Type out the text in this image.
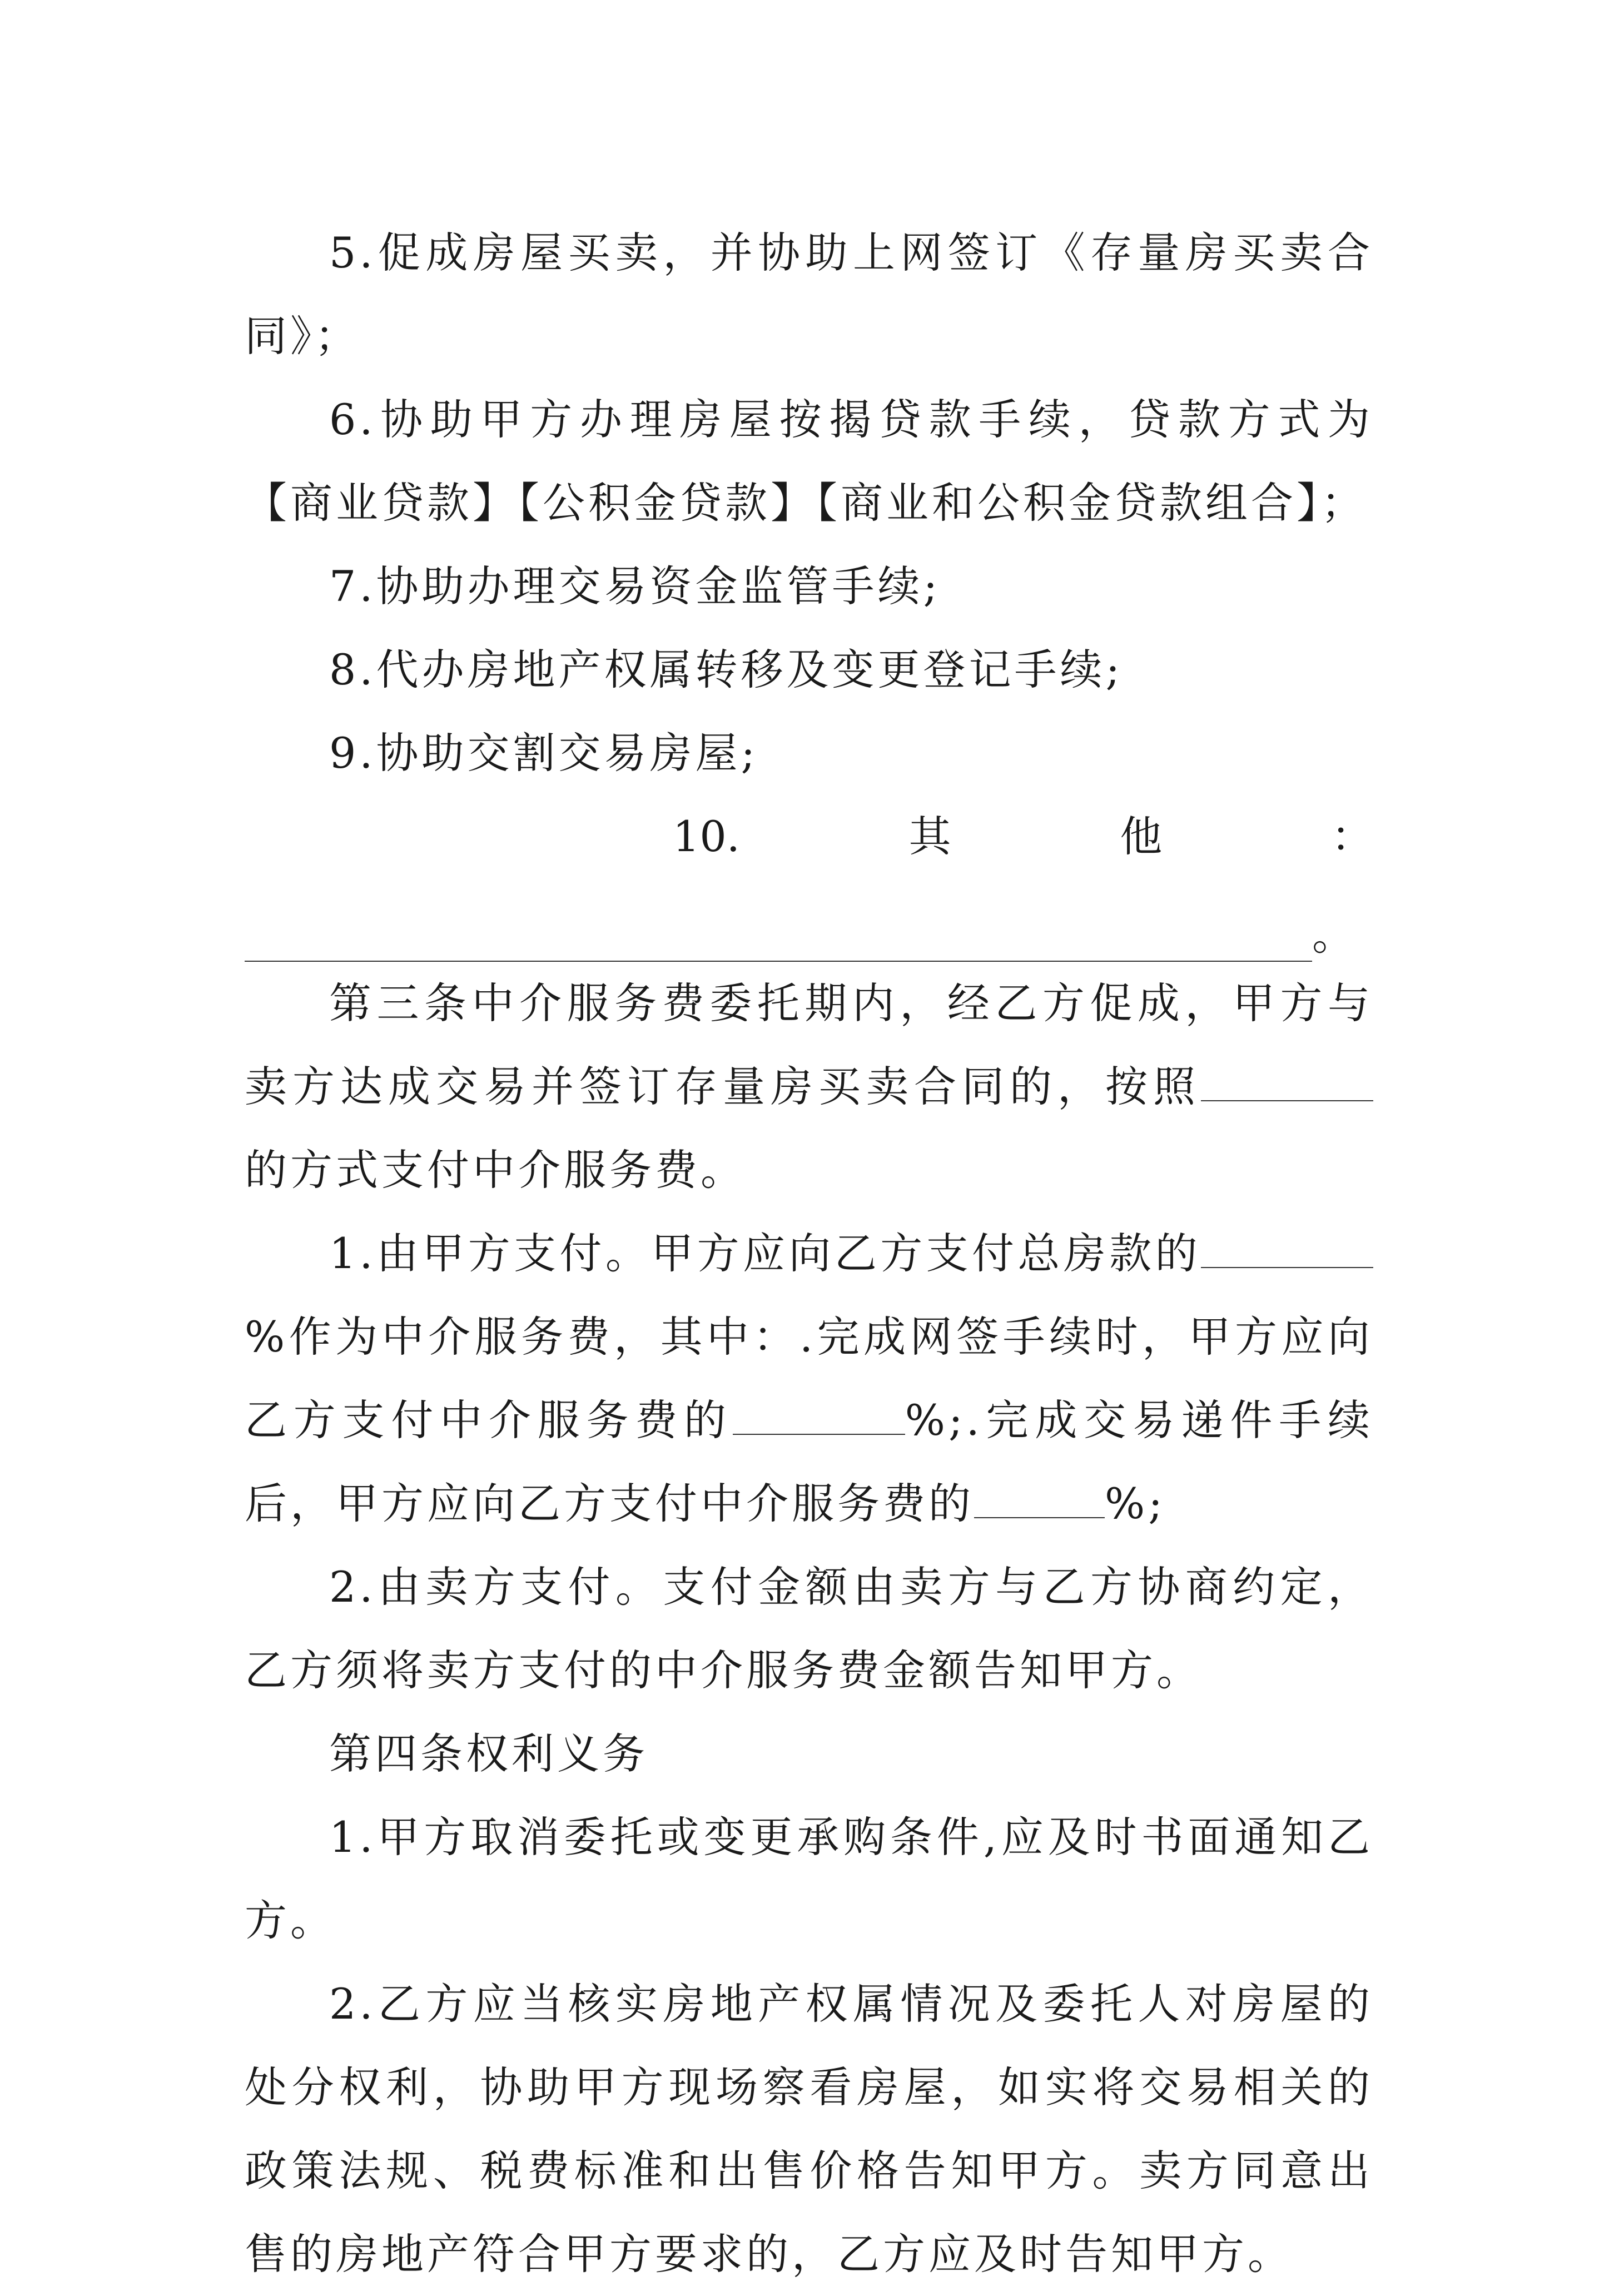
5.促成房屋买卖，并协助上网签订《存量房买卖合同》；

6.协助甲方办理房屋按揭贷款手续，贷款方式为【商业贷款】【公积金贷款】【商业和公积金贷款组合】；

7.协助办理交易资金监管手续;

8.代办房地产权属转移及变更登记手续;

9.协助交割交易房屋;

10.	其	他	：
。

第三条中介服务费委托期内，经乙方促成，甲方与卖方达成交易并签订存量房买卖合同的，按照的方式支付中介服务费。

1.由甲方支付。甲方应向乙方支付总房款的%作为中介服务费，其中：.完成网签手续时，甲方应向乙方支付中介服务费的	%;.完成交易递件手续后，甲方应向乙方支付中介服务费的	%;

2.由卖方支付。支付金额由卖方与乙方协商约定，乙方须将卖方支付的中介服务费金额告知甲方。

第四条权利义务

1.甲方取消委托或变更承购条件,应及时书面通知乙方。

2.乙方应当核实房地产权属情况及委托人对房屋的处分权利，协助甲方现场察看房屋，如实将交易相关的政策法规、税费标准和出售价格告知甲方。卖方同意出售的房地产符合甲方要求的，乙方应及时告知甲方。
